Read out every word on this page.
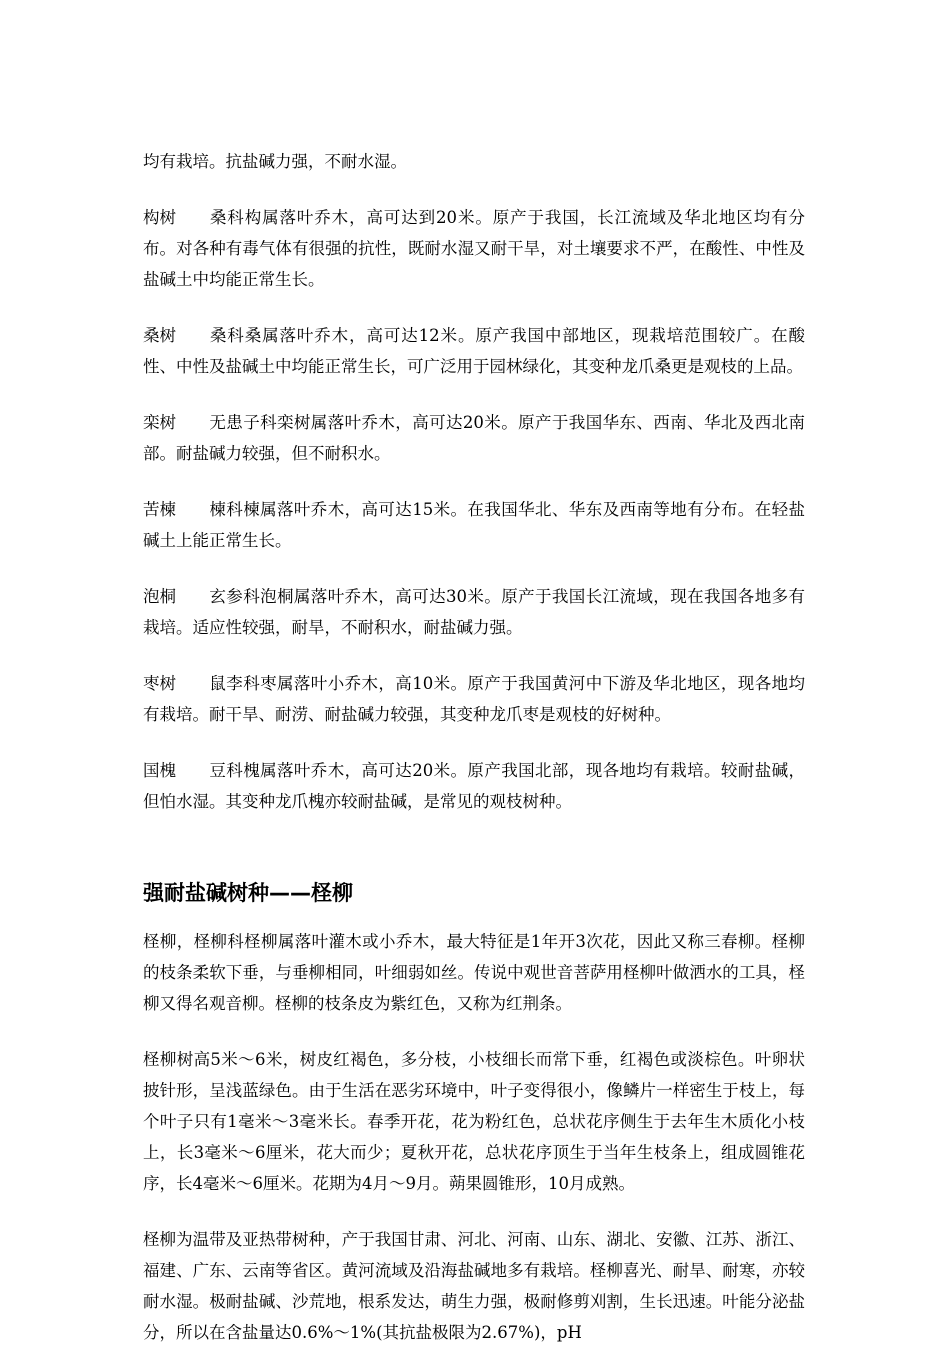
均有栽培。抗盐碱力强，不耐水湿。

构树 桑科构属落叶乔木，高可达到20米。原产于我国，长江流域及华北地区均有分布。对各种有毒气体有很强的抗性，既耐水湿又耐干旱，对土壤要求不严，在酸性、中性及盐碱土中均能正常生长。
桑树 桑科桑属落叶乔木，高可达12米。原产我国中部地区，现栽培范围较广。在酸性、中性及盐碱土中均能正常生长，可广泛用于园林绿化，其变种龙爪桑更是观枝的上品。
栾树 无患子科栾树属落叶乔木，高可达20米。原产于我国华东、西南、华北及西北南部。耐盐碱力较强，但不耐积水。
苦楝 楝科楝属落叶乔木，高可达15米。在我国华北、华东及西南等地有分布。在轻盐碱土上能正常生长。
泡桐 玄参科泡桐属落叶乔木，高可达30米。原产于我国长江流域，现在我国各地多有栽培。适应性较强，耐旱，不耐积水，耐盐碱力强。
枣树 鼠李科枣属落叶小乔木，高10米。原产于我国黄河中下游及华北地区，现各地均有栽培。耐干旱、耐涝、耐盐碱力较强，其变种龙爪枣是观枝的好树种。
国槐 豆科槐属落叶乔木，高可达20米。原产我国北部，现各地均有栽培。较耐盐碱，但怕水湿。其变种龙爪槐亦较耐盐碱，是常见的观枝树种。
强耐盐碱树种——柽柳

柽柳，柽柳科柽柳属落叶灌木或小乔木，最大特征是1年开3次花，因此又称三春柳。柽柳的枝条柔软下垂，与垂柳相同，叶细弱如丝。传说中观世音菩萨用柽柳叶做洒水的工具，柽柳又得名观音柳。柽柳的枝条皮为紫红色，又称为红荆条。

柽柳树高5米～6米，树皮红褐色，多分枝，小枝细长而常下垂，红褐色或淡棕色。叶卵状披针形，呈浅蓝绿色。由于生活在恶劣环境中，叶子变得很小，像鳞片一样密生于枝上，每个叶子只有1毫米～3毫米长。春季开花，花为粉红色，总状花序侧生于去年生木质化小枝上，长3毫米～6厘米，花大而少；夏秋开花，总状花序顶生于当年生枝条上，组成圆锥花序，长4毫米～6厘米。花期为4月～9月。蒴果圆锥形，10月成熟。

柽柳为温带及亚热带树种，产于我国甘肃、河北、河南、山东、湖北、安徽、江苏、浙江、福建、广东、云南等省区。黄河流域及沿海盐碱地多有栽培。柽柳喜光、耐旱、耐寒，亦较耐水湿。极耐盐碱、沙荒地，根系发达，萌生力强，极耐修剪刈割，生长迅速。叶能分泌盐分，所以在含盐量达0.6%～1%(其抗盐极限为2.67%)，pH
